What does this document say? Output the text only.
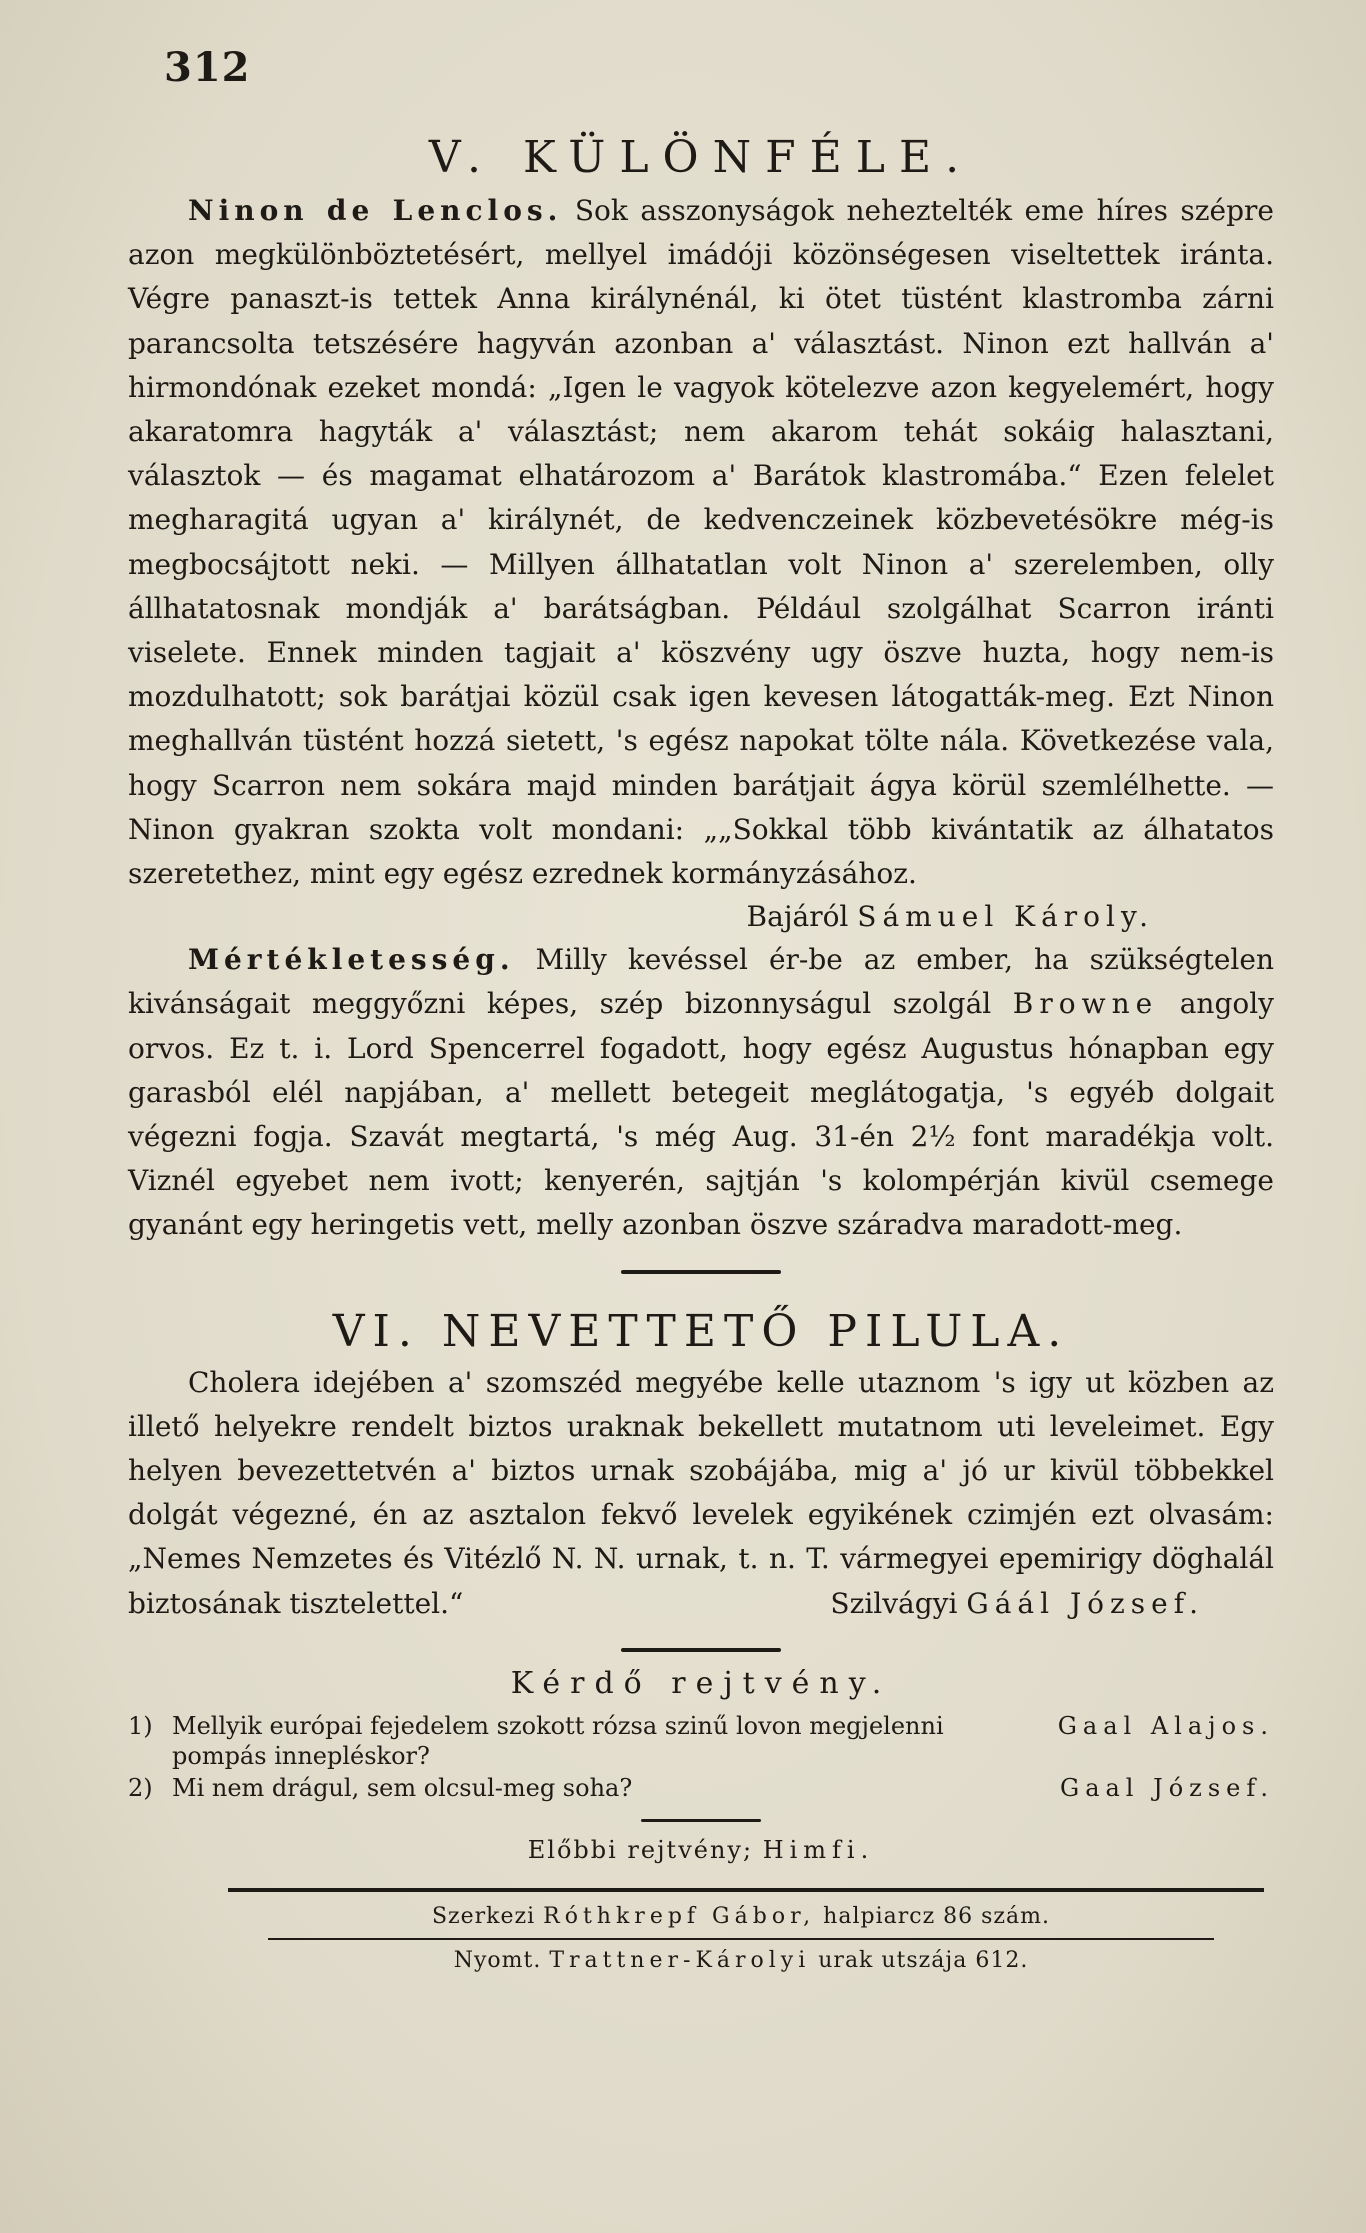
312
V. KÜLÖNFÉLE.

Ninon de Lenclos. Sok asszonyságok neheztelték eme híres szépre azon megkülönböztetésért, mellyel imádóji közönségesen viseltettek iránta. Végre panaszt-is tettek Anna királynénál, ki ötet tüstént klastromba zárni parancsolta tetszésére hagyván azonban a' választást. Ninon ezt hallván a' hirmondónak ezeket mondá: „Igen le vagyok kötelezve azon kegyelemért, hogy akaratomra hagyták a' választást; nem akarom tehát sokáig halasztani, választok — és magamat elhatározom a' Barátok klastromába.“ Ezen felelet megharagitá ugyan a' királynét, de kedvenczeinek közbevetésökre még-is megbocsájtott neki. — Millyen állhatatlan volt Ninon a' szerelemben, olly állhatatosnak mondják a' barátságban. Például szolgálhat Scarron iránti viselete. Ennek minden tagjait a' köszvény ugy öszve huzta, hogy nem-is mozdulhatott; sok barátjai közül csak igen kevesen látogatták-meg. Ezt Ninon meghallván tüstént hozzá sietett, 's egész napokat tölte nála. Következése vala, hogy Scarron nem sokára majd minden barátjait ágya körül szemlélhette. — Ninon gyakran szokta volt mondani: „„Sokkal több kivántatik az álhatatos szeretethez, mint egy egész ezrednek kormányzásához.

Bajáról Sámuel Károly.

Mértékletesség. Milly kevéssel ér-be az ember, ha szükségtelen kivánságait meggyőzni képes, szép bizonnyságul szolgál Browne angoly orvos. Ez t. i. Lord Spencerrel fogadott, hogy egész Augustus hónapban egy garasból elél napjában, a' mellett betegeit meglátogatja, 's egyéb dolgait végezni fogja. Szavát megtartá, 's még Aug. 31-én 2½ font maradékja volt. Viznél egyebet nem ivott; kenyerén, sajtján 's kolompérján kivül csemege gyanánt egy heringetis vett, melly azonban öszve száradva maradott-meg.

VI. NEVETTETŐ PILULA.

Cholera idejében a' szomszéd megyébe kelle utaznom 's igy ut közben az illető helyekre rendelt biztos uraknak bekellett mutatnom uti leveleimet. Egy helyen bevezettetvén a' biztos urnak szobájába, mig a' jó ur kivül többekkel dolgát végezné, én az asztalon fekvő levelek egyikének czimjén ezt olvasám: „Nemes Nemzetes és Vitézlő N. N. urnak, t. n. T. vármegyei epemirigy döghalál biztosának tisztelettel.“	Szilvágyi Gáál József.

Kérdő rejtvény.

1) Mellyik európai fejedelem szokott rózsa szinű lovon megjelenni pompás innepléskor?
Gaal Alajos.
2) Mi nem drágul, sem olcsul-meg soha?	Gaal József.

Előbbi rejtvény; Himfi.

Szerkezi Róthkrepf Gábor, halpiarcz 86 szám.

Nyomt. Trattner-Károlyi urak utszája 612.
